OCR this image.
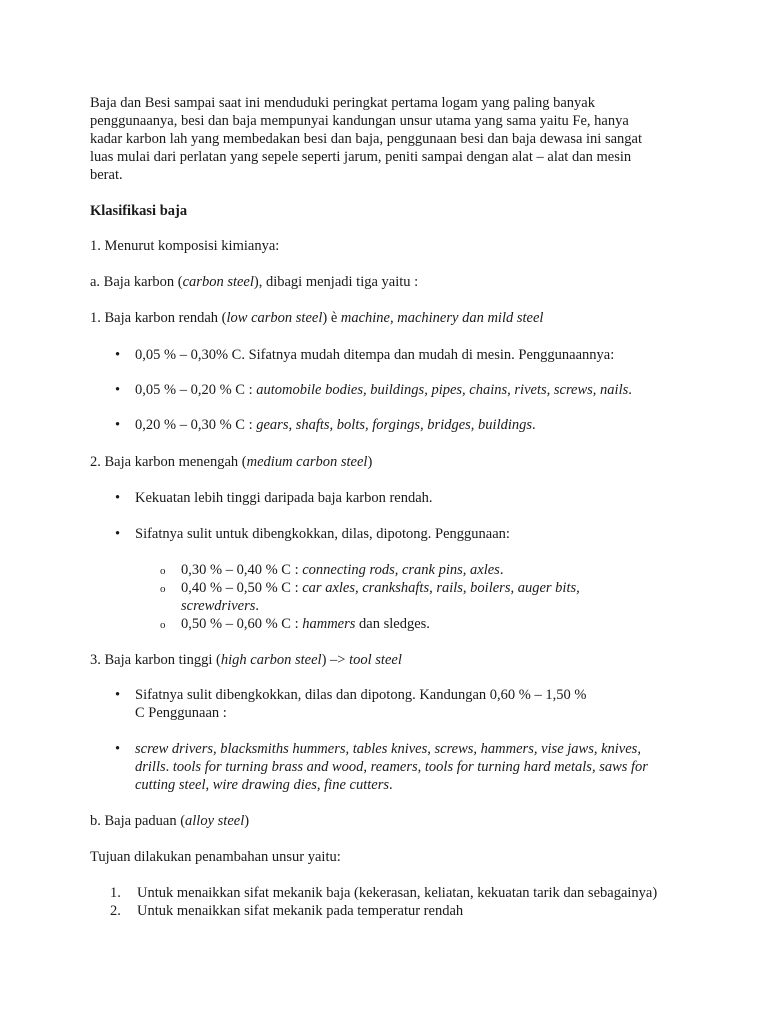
Baja dan Besi sampai saat ini menduduki peringkat pertama logam yang paling banyak
penggunaanya, besi dan baja mempunyai kandungan unsur utama yang sama yaitu Fe, hanya
kadar karbon lah yang membedakan besi dan baja, penggunaan besi dan baja dewasa ini sangat
luas mulai dari perlatan yang sepele seperti jarum, peniti sampai dengan alat – alat dan mesin
berat.

Klasifikasi baja

1. Menurut komposisi kimianya:

a. Baja karbon (carbon steel), dibagi menjadi tiga yaitu :

1. Baja karbon rendah (low carbon steel) è machine, machinery dan mild steel

• 0,05 % – 0,30% C. Sifatnya mudah ditempa dan mudah di mesin. Penggunaannya:
• 0,05 % – 0,20 % C : automobile bodies, buildings, pipes, chains, rivets, screws, nails.
• 0,20 % – 0,30 % C : gears, shafts, bolts, forgings, bridges, buildings.

2. Baja karbon menengah (medium carbon steel)

• Kekuatan lebih tinggi daripada baja karbon rendah.
• Sifatnya sulit untuk dibengkokkan, dilas, dipotong. Penggunaan:
o 0,30 % – 0,40 % C : connecting rods, crank pins, axles.
o 0,40 % – 0,50 % C : car axles, crankshafts, rails, boilers, auger bits,
screwdrivers.
o 0,50 % – 0,60 % C : hammers dan sledges.

3. Baja karbon tinggi (high carbon steel) –> tool steel

• Sifatnya sulit dibengkokkan, dilas dan dipotong. Kandungan 0,60 % – 1,50 %
C Penggunaan :
• screw drivers, blacksmiths hummers, tables knives, screws, hammers, vise jaws, knives,
drills. tools for turning brass and wood, reamers, tools for turning hard metals, saws for
cutting steel, wire drawing dies, fine cutters.

b. Baja paduan (alloy steel)

Tujuan dilakukan penambahan unsur yaitu:

1. Untuk menaikkan sifat mekanik baja (kekerasan, keliatan, kekuatan tarik dan sebagainya)
2. Untuk menaikkan sifat mekanik pada temperatur rendah
